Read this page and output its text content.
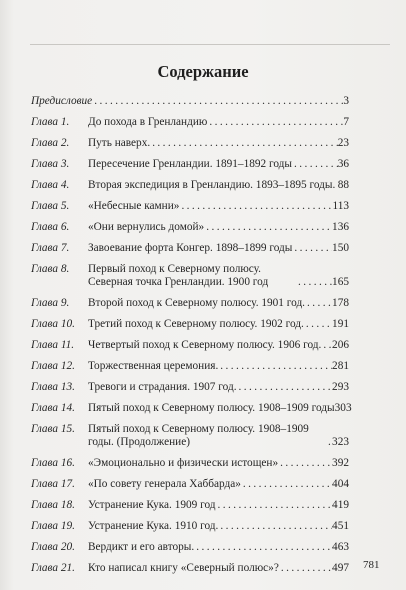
Содержание
Предисловие . . .	3
Глава 1.	До похода в Гренландию . . .	7
Глава 2.	Путь наверх. . . .	23
Глава 3.	Пересечение Гренландии. 1891–1892 годы . . .	36
Глава 4.	Вторая экспедиция в Гренландию. 1893–1895 годы. . . . 88
Глава 5.	«Небесные камни» . . .	113
Глава 6.	«Они вернулись домой» . . .	136
Глава 7.	Завоевание форта Конгер. 1898–1899 годы . . .	150
Глава 8.	Первый поход к Северному полюсу. Северная точка Гренландии. 1900 год . . .	165
Глава 9.	Второй поход к Северному полюсу. 1901 год. . . . 178
Глава 10.	Третий поход к Северному полюсу. 1902 год. . . . 191
Глава 11.	Четвертый поход к Северному полюсу. 1906 год. . . . 206
Глава 12.	Торжественная церемония. . . .	281
Глава 13.	Тревоги и страдания. 1907 год. . . .	293
Глава 14.	Пятый поход к Северному полюсу. 1908–1909 годы 303
Глава 15.	Пятый поход к Северному полюсу. 1908–1909 годы. (Продолжение) . . .	323
Глава 16.	«Эмоционально и физически истощен» . . .	392
Глава 17.	«По совету генерала Хаббарда» . . .	404
Глава 18.	Устранение Кука. 1909 год . . .	419
Глава 19.	Устранение Кука. 1910 год. . . .	451
Глава 20.	Вердикт и его авторы. . . .	463
Глава 21.	Кто написал книгу «Северный полюс»? . . .	497 781
